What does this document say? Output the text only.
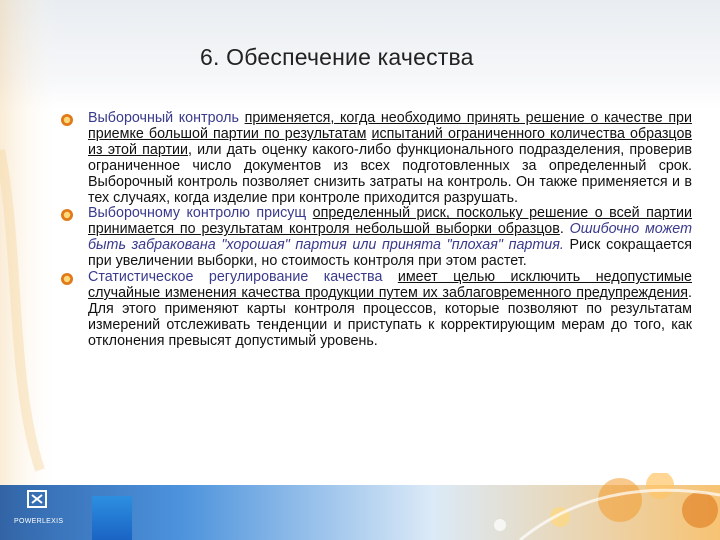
POWERLEXIS
6. Обеспечение качества
Выборочный контроль применяется, когда необходимо принять решение о качестве при приемке большой партии по результатам испытаний ограниченного количества образцов из этой партии, или дать оценку какого-либо функционального подразделения, проверив ограниченное число документов из всех подготовленных за определенный срок. Выборочный контроль позволяет снизить затраты на контроль. Он также применяется и в тех случаях, когда изделие при контроле приходится разрушать.
Выборочному контролю присущ определенный риск, поскольку решение о всей партии принимается по результатам контроля небольшой выборки образцов. Ошибочно может быть забракована "хорошая" партия или принята "плохая" партия. Риск сокращается при увеличении выборки, но стоимость контроля при этом растет.
Статистическое регулирование качества имеет целью исключить недопустимые случайные изменения качества продукции путем их заблаговременного предупреждения. Для этого применяют карты контроля процессов, которые позволяют по результатам измерений отслеживать тенденции и приступать к корректирующим мерам до того, как отклонения превысят допустимый уровень.
